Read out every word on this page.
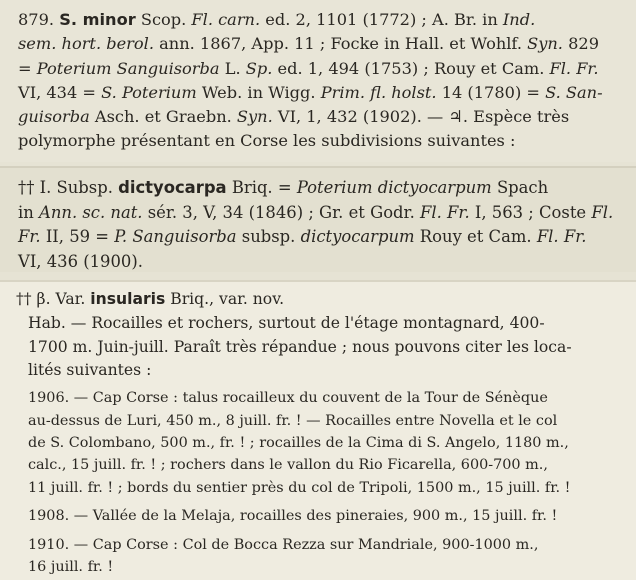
879. S. minor Scop. Fl. carn. ed. 2, 1101 (1772) ; A. Br. in Ind.
sem. hort. berol. ann. 1867, App. 11 ; Focke in Hall. et Wohlf. Syn. 829
= Poterium Sanguisorba L. Sp. ed. 1, 494 (1753) ; Rouy et Cam. Fl. Fr.
VI, 434 = S. Poterium Web. in Wigg. Prim. fl. holst. 14 (1780) = S. San-
guisorba Asch. et Graebn. Syn. VI, 1, 432 (1902). — ♃. Espèce très
polymorphe présentant en Corse les subdivisions suivantes :

†† I. Subsp. dictyocarpa Briq. = Poterium dictyocarpum Spach
in Ann. sc. nat. sér. 3, V, 34 (1846) ; Gr. et Godr. Fl. Fr. I, 563 ; Coste Fl.
Fr. II, 59 = P. Sanguisorba subsp. dictyocarpum Rouy et Cam. Fl. Fr.
VI, 436 (1900).

†† β. Var. insularis Briq., var. nov.

Hab. — Rocailles et rochers, surtout de l'étage montagnard, 400-
1700 m. Juin-juill. Paraît très répandue ; nous pouvons citer les loca-
lités suivantes :

1906. — Cap Corse : talus rocailleux du couvent de la Tour de Sénèque
au-dessus de Luri, 450 m., 8 juill. fr. ! — Rocailles entre Novella et le col
de S. Colombano, 500 m., fr. ! ; rocailles de la Cima di S. Angelo, 1180 m.,
calc., 15 juill. fr. ! ; rochers dans le vallon du Rio Ficarella, 600-700 m.,
11 juill. fr. ! ; bords du sentier près du col de Tripoli, 1500 m., 15 juill. fr. !

1908. — Vallée de la Melaja, rocailles des pineraies, 900 m., 15 juill. fr. !

1910. — Cap Corse : Col de Bocca Rezza sur Mandriale, 900-1000 m.,
16 juill. fr. !
